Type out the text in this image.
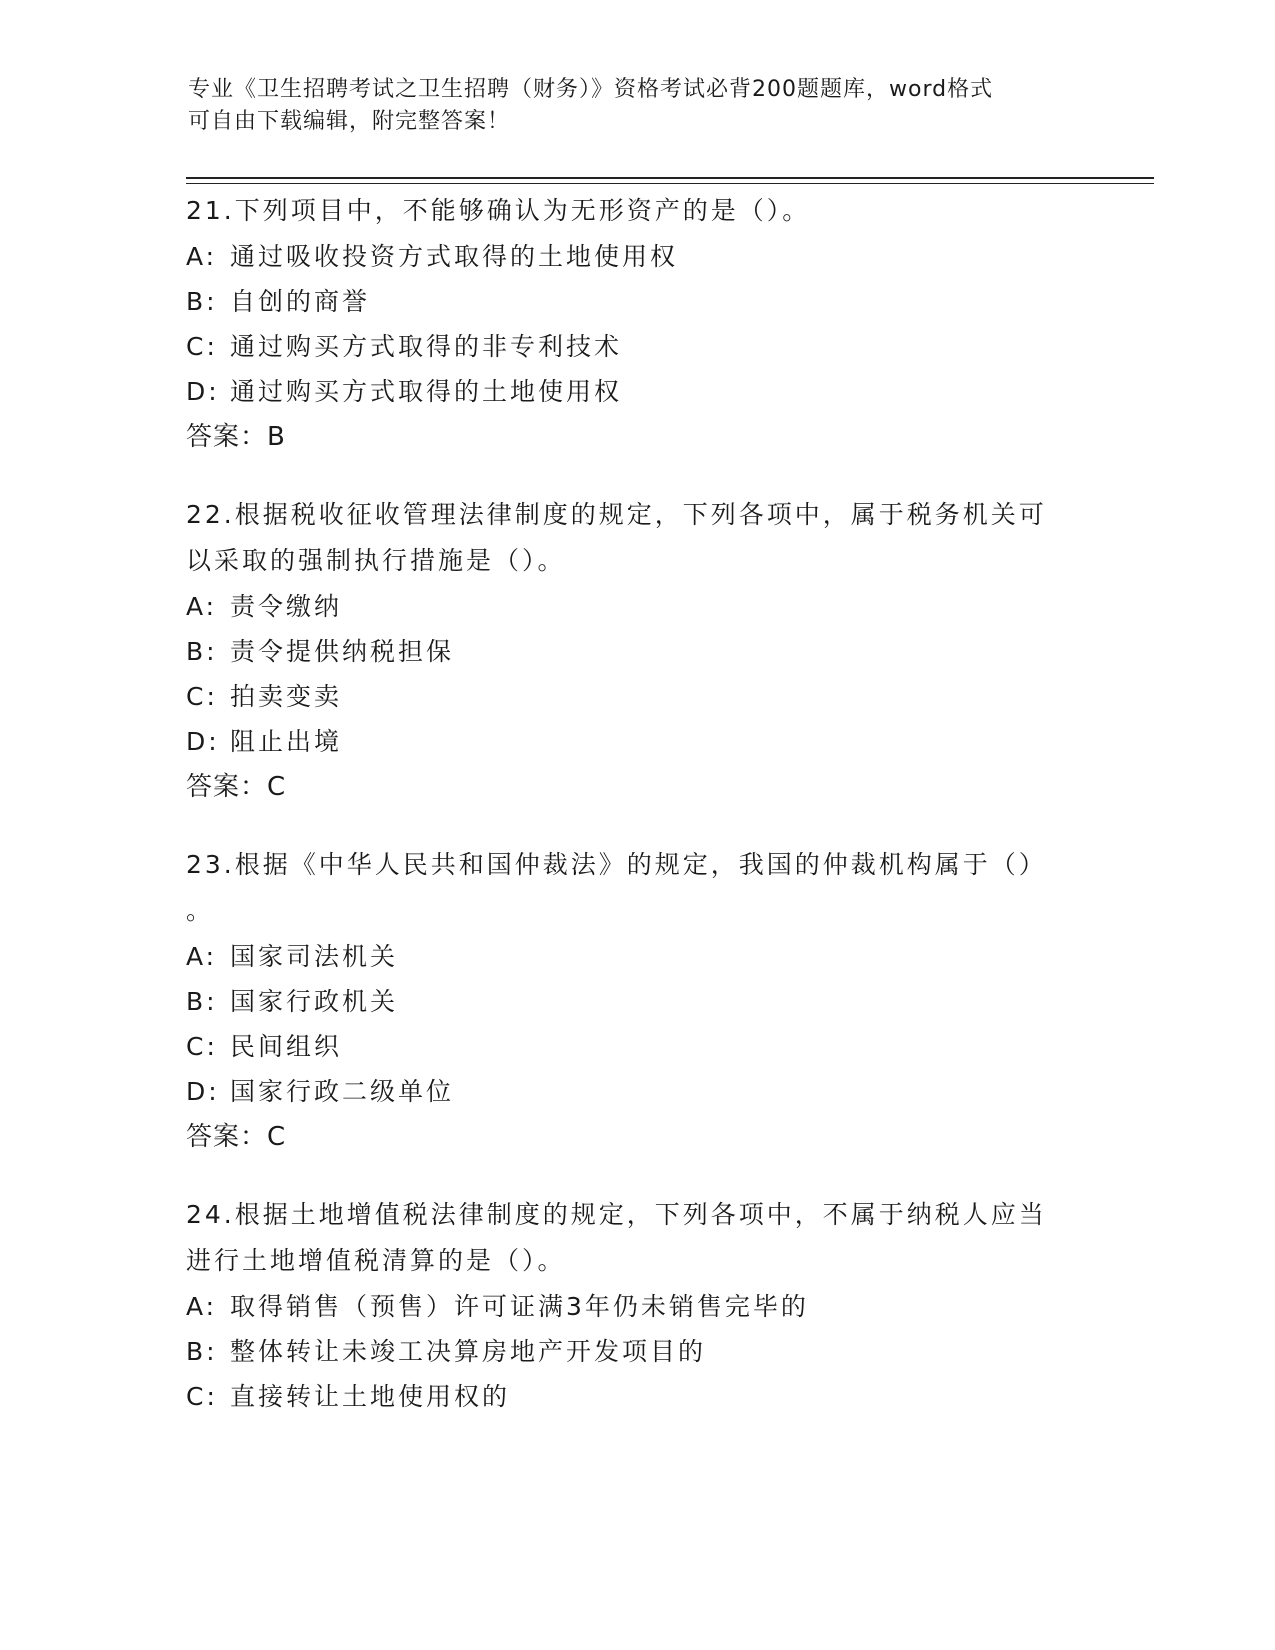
专业《卫生招聘考试之卫生招聘（财务）》资格考试必背200题题库，word格式
可自由下载编辑，附完整答案！
21.下列项目中，不能够确认为无形资产的是（）。
A: 通过吸收投资方式取得的土地使用权
B: 自创的商誉
C: 通过购买方式取得的非专利技术
D: 通过购买方式取得的土地使用权
答案：B
22.根据税收征收管理法律制度的规定，下列各项中，属于税务机关可
以采取的强制执行措施是（）。
A: 责令缴纳
B: 责令提供纳税担保
C: 拍卖变卖
D: 阻止出境
答案：C
23.根据《中华人民共和国仲裁法》的规定，我国的仲裁机构属于（）
。
A: 国家司法机关
B: 国家行政机关
C: 民间组织
D: 国家行政二级单位
答案：C
24.根据土地增值税法律制度的规定，下列各项中，不属于纳税人应当
进行土地增值税清算的是（）。
A: 取得销售（预售）许可证满3年仍未销售完毕的
B: 整体转让未竣工决算房地产开发项目的
C: 直接转让土地使用权的
